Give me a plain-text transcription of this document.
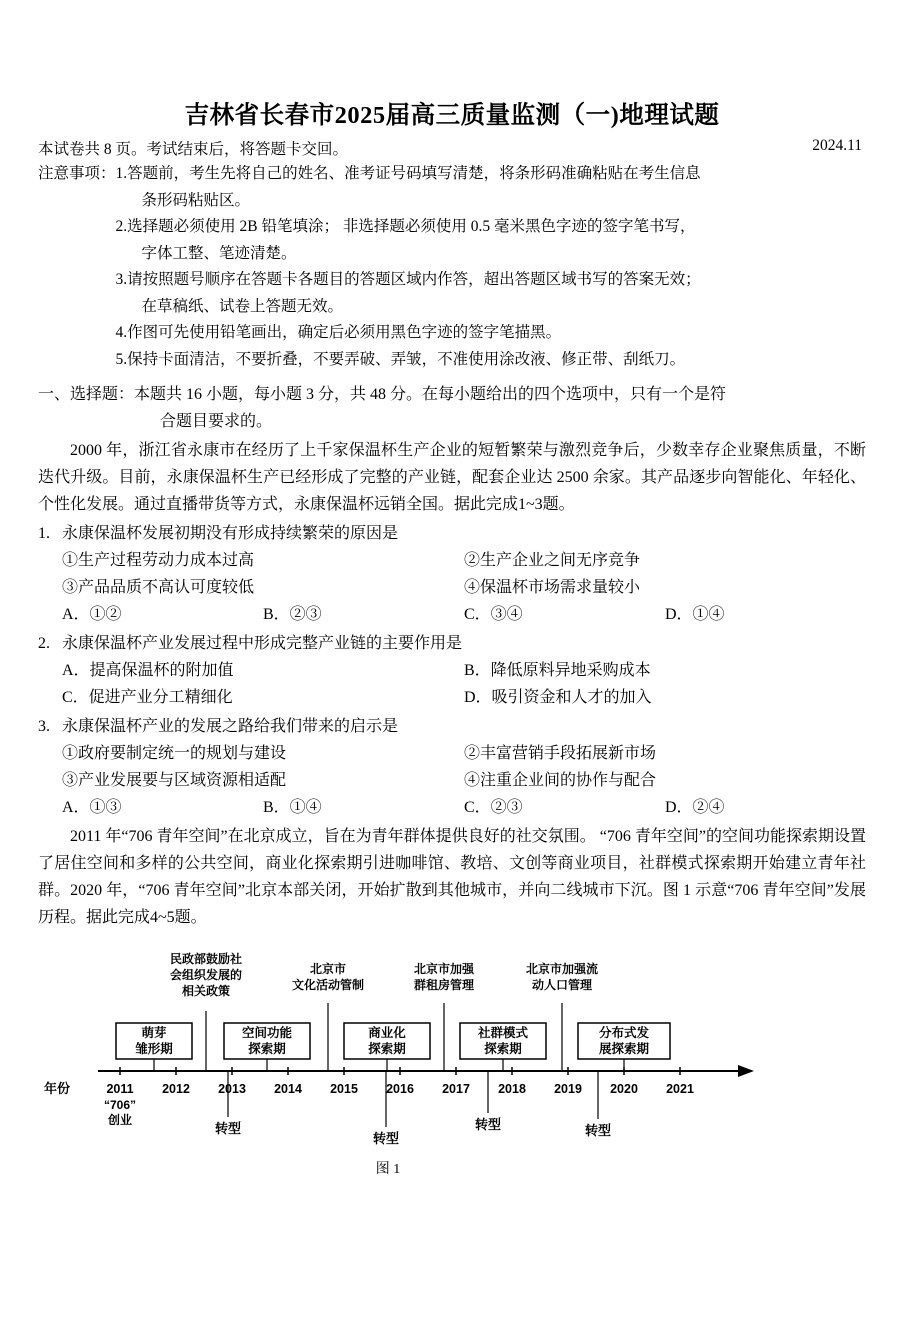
吉林省长春市2025届高三质量监测（一)地理试题
本试卷共 8 页。考试结束后，将答题卡交回。	2024.11
注意事项： 1. 答题前，考生先将自己的姓名、准考证号码填写清楚，将条形码准确粘贴在考生信息
条形码粘贴区。
2. 选择题必须使用 2B 铅笔填涂； 非选择题必须使用 0.5 毫米黑色字迹的签字笔书写，
字体工整、笔迹清楚。
3. 请按照题号顺序在答题卡各题目的答题区域内作答，超出答题区域书写的答案无效；
在草稿纸、试卷上答题无效。
4. 作图可先使用铅笔画出，确定后必须用黑色字迹的签字笔描黑。
5. 保持卡面清洁，不要折叠，不要弄破、弄皱，不准使用涂改液、修正带、刮纸刀。
一、选择题： 本题共 16 小题，每小题 3 分，共 48 分。在每小题给出的四个选项中，只有一个是符
合题目要求的。
2000 年，浙江省永康市在经历了上千家保温杯生产企业的短暂繁荣与激烈竞争后，少数幸存企业聚焦质量，不断迭代升级。目前，永康保温杯生产已经形成了完整的产业链，配套企业达 2500 余家。其产品逐步向智能化、年轻化、个性化发展。通过直播带货等方式，永康保温杯远销全国。据此完成1~3题。
1. 永康保温杯发展初期没有形成持续繁荣的原因是
①生产过程劳动力成本过高	②生产企业之间无序竞争
③产品品质不高认可度较低	④保温杯市场需求量较小
A．①②	B．②③	C．③④	D．①④
2. 永康保温杯产业发展过程中形成完整产业链的主要作用是
A．提高保温杯的附加值	B．降低原料异地采购成本
C．促进产业分工精细化	D．吸引资金和人才的加入
3. 永康保温杯产业的发展之路给我们带来的启示是
①政府要制定统一的规划与建设	②丰富营销手段拓展新市场
③产业发展要与区域资源相适配	④注重企业间的协作与配合
A．①③	B．①④	C．②③	D．②④
2011 年“706 青年空间”在北京成立，旨在为青年群体提供良好的社交氛围。 “706 青年空间”的空间功能探索期设置了居住空间和多样的公共空间，商业化探索期引进咖啡馆、教培、文创等商业项目，社群模式探索期开始建立青年社群。2020 年，“706 青年空间”北京本部关闭，开始扩散到其他城市，并向二线城市下沉。图 1 示意“706 青年空间”发展历程。据此完成4~5题。
萌芽
雏形期
空间功能
探索期
商业化
探索期
社群模式
探索期
分布式发
展探索期
民政部鼓励社
会组织发展的
相关政策
北京市
文化活动管制
北京市加强
群租房管理
北京市加强流
动人口管理
年份	2011 2012 2013 2014 2015 2016 2017 2018 2019 2020 2021
“706”
创业
转型
转型
转型	转型
图 1
